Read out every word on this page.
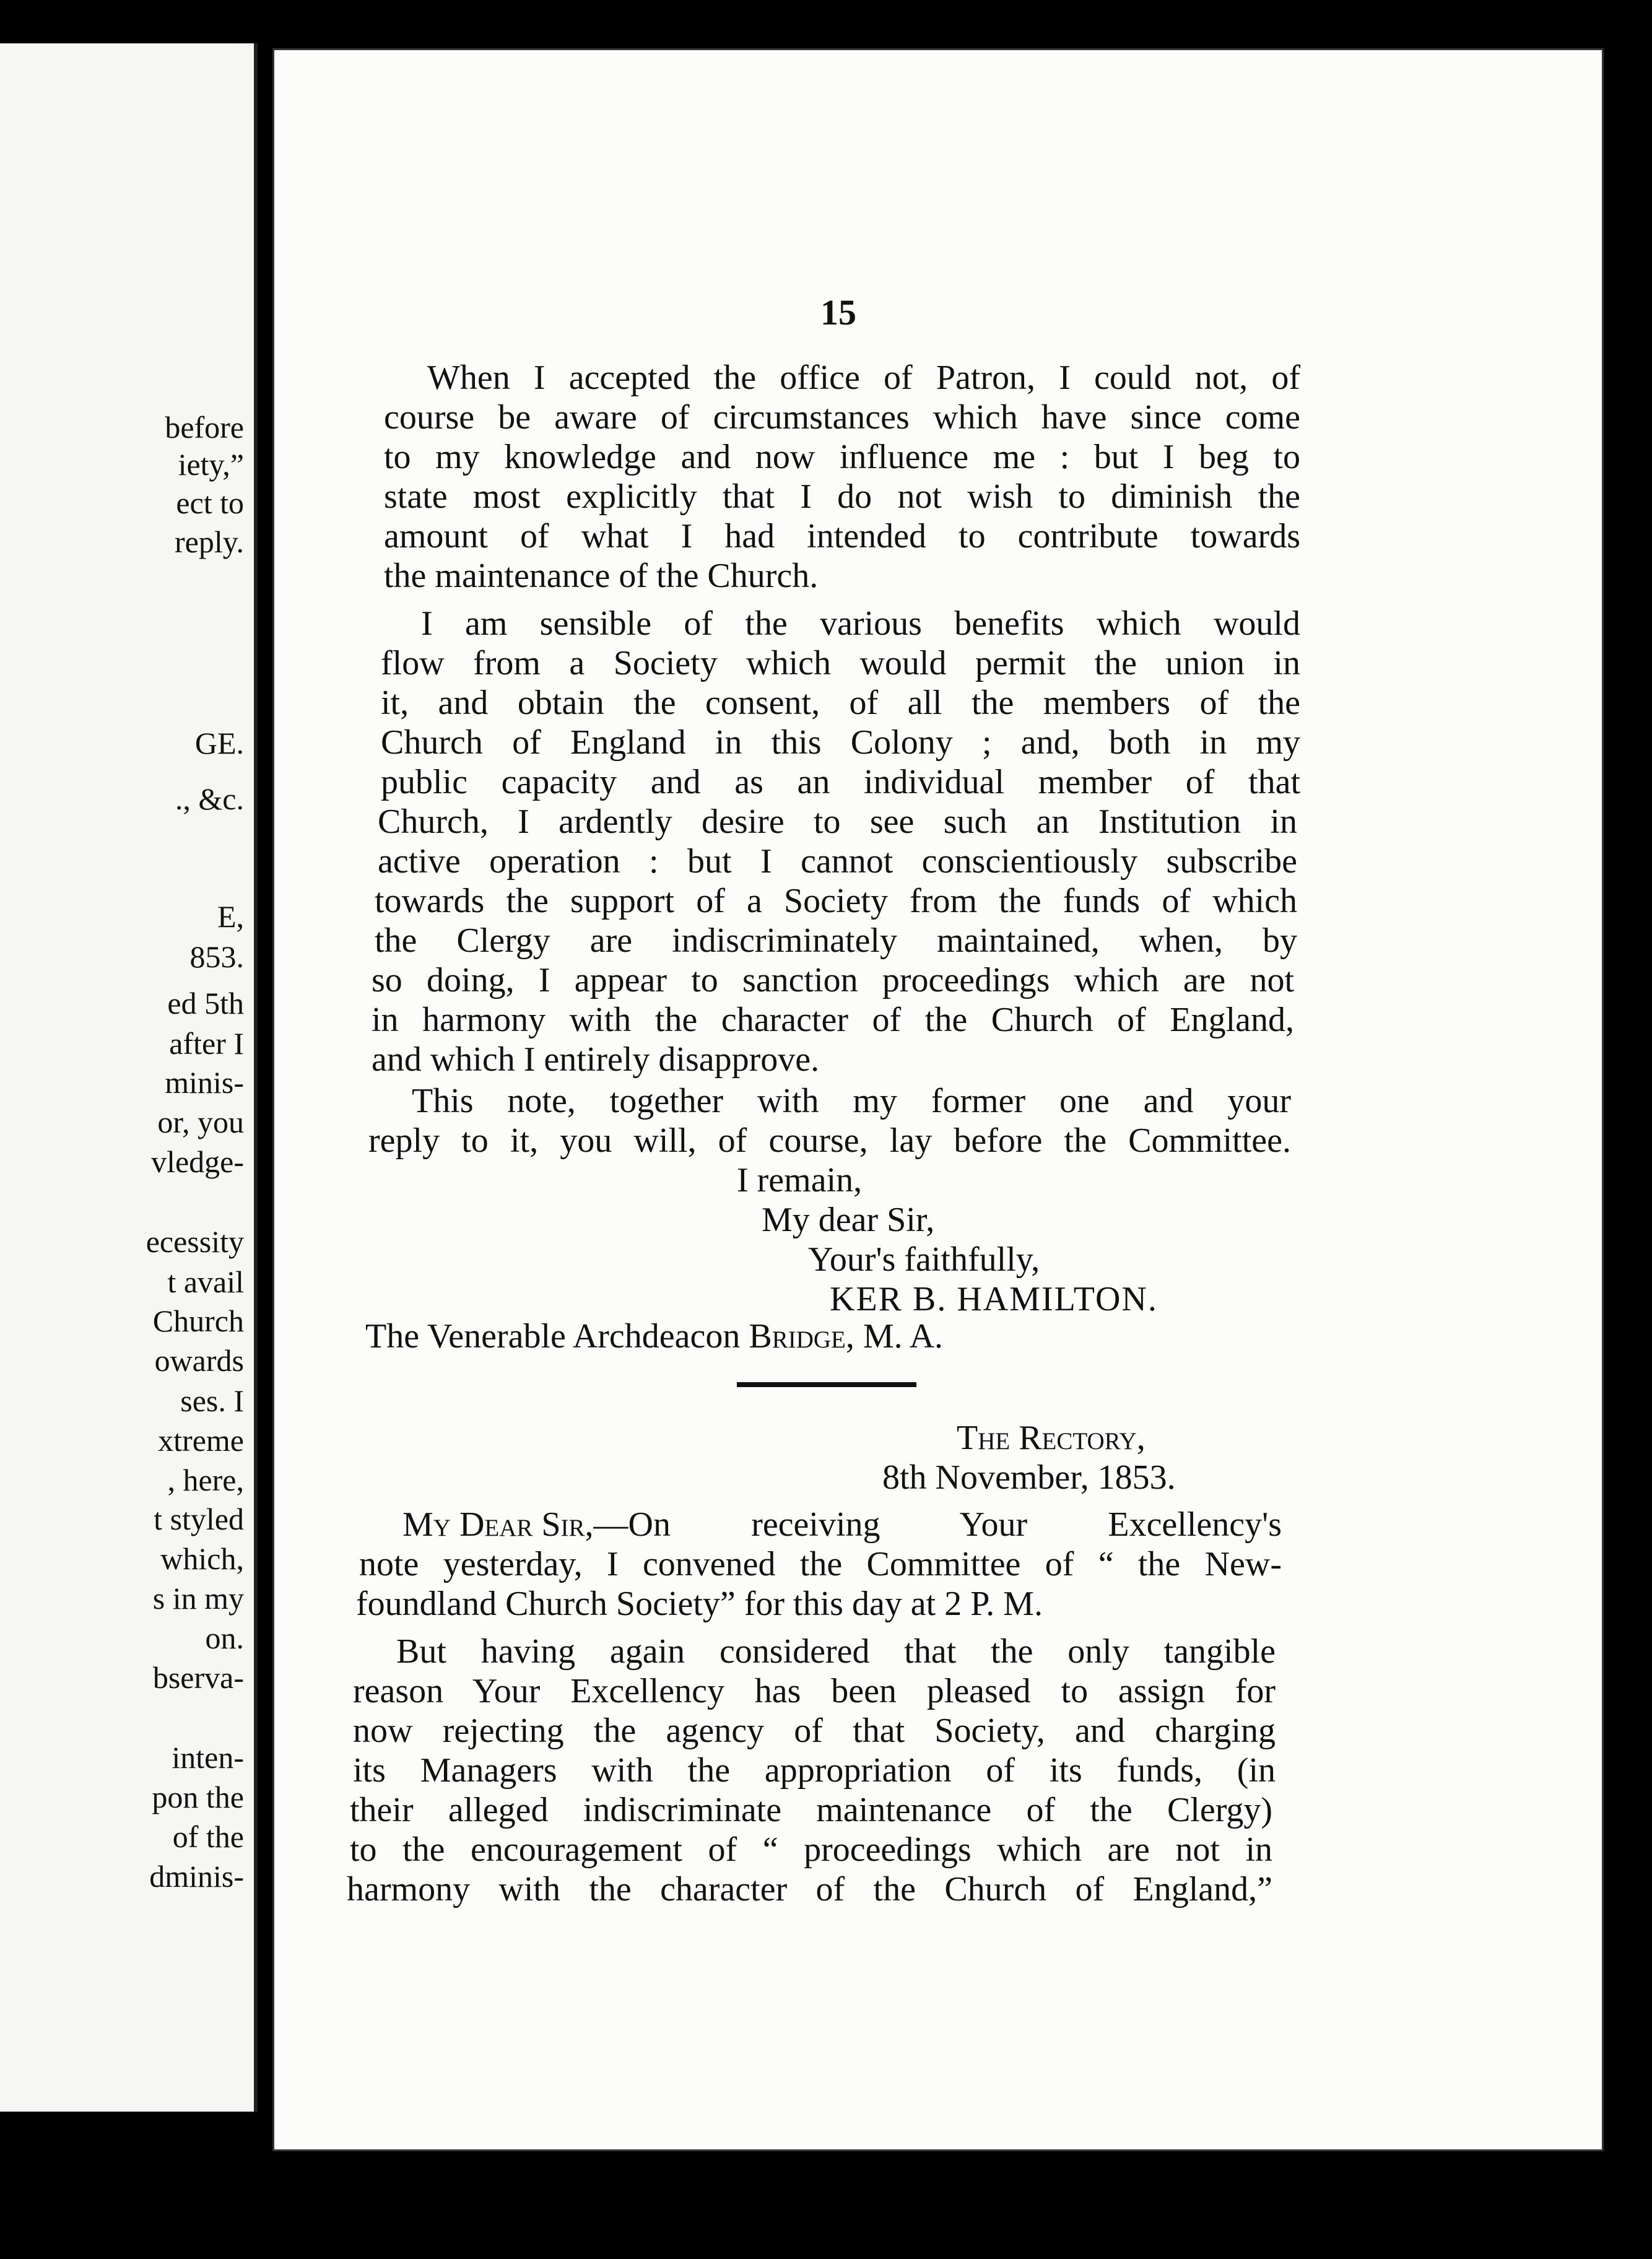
before
iety,”
ect to
reply.
GE.
., &c.
E,
853.
ed 5th
after I
minis-
or, you
vledge-
ecessity
t avail
Church
owards
ses. I
xtreme
, here,
t styled
which,
s in my
on.
bserva-
inten-
pon the
of the
dminis-
15
When I accepted the office of Patron, I could not, of
course be aware of circumstances which have since come
to my knowledge and now influence me : but I beg to
state most explicitly that I do not wish to diminish the
amount of what I had intended to contribute towards
the maintenance of the Church.
I am sensible of the various benefits which would
flow from a Society which would permit the union in
it, and obtain the consent, of all the members of the
Church of England in this Colony ; and, both in my
public capacity and as an individual member of that
Church, I ardently desire to see such an Institution in
active operation : but I cannot conscientiously subscribe
towards the support of a Society from the funds of which
the Clergy are indiscriminately maintained, when, by
so doing, I appear to sanction proceedings which are not
in harmony with the character of the Church of England,
and which I entirely disapprove.
This note, together with my former one and your
reply to it, you will, of course, lay before the Committee.
I remain,
My dear Sir,
Your's faithfully,
KER B. HAMILTON.
The Venerable Archdeacon Bridge, M. A.
The Rectory,
8th November, 1853.
My Dear Sir, —On receiving Your Excellency's
note yesterday, I convened the Committee of “ the New-
foundland Church Society” for this day at 2 P. M.
But having again considered that the only tangible
reason Your Excellency has been pleased to assign for
now rejecting the agency of that Society, and charging
its Managers with the appropriation of its funds, (in
their alleged indiscriminate maintenance of the Clergy)
to the encouragement of “ proceedings which are not in
harmony with the character of the Church of England,”
